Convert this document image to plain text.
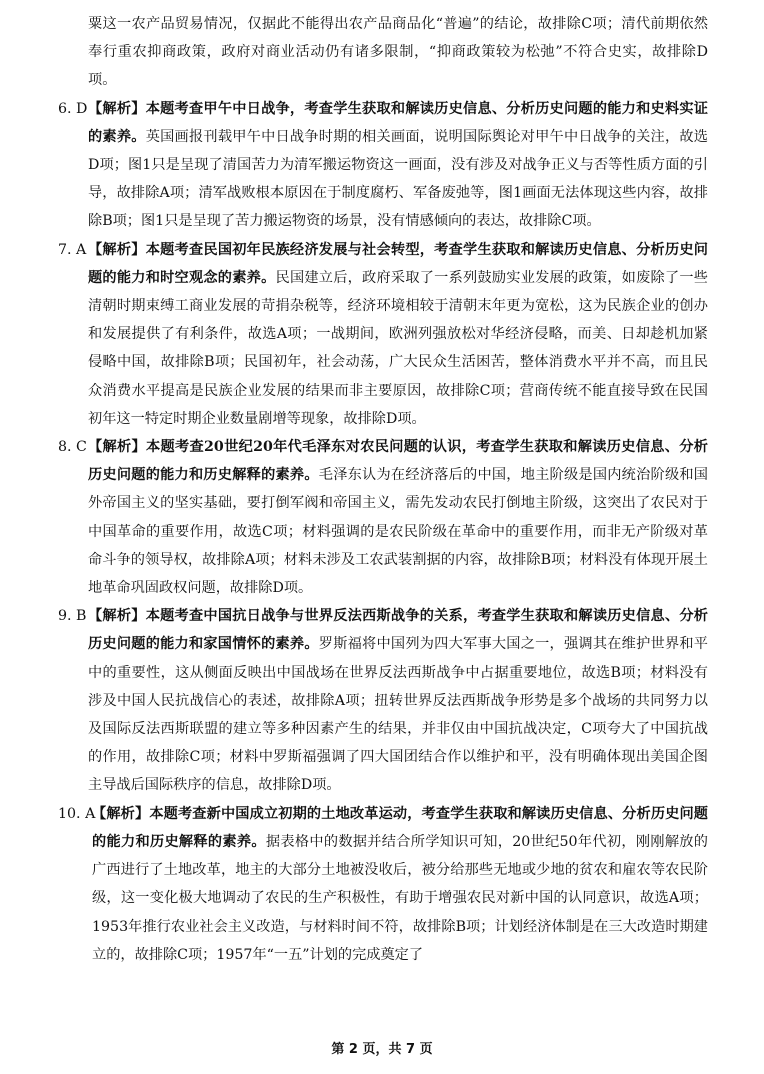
粟这一农产品贸易情况，仅据此不能得出农产品商品化“普遍”的结论，故排除C项；清代前期依然奉行重农抑商政策，政府对商业活动仍有诸多限制，“抑商政策较为松弛”不符合史实，故排除D项。

6. D 【解析】本题考查甲午中日战争，考查学生获取和解读历史信息、分析历史问题的能力和史料实证的素养。英国画报刊载甲午中日战争时期的相关画面，说明国际舆论对甲午中日战争的关注，故选D项；图1只是呈现了清国苦力为清军搬运物资这一画面，没有涉及对战争正义与否等性质方面的引导，故排除A项；清军战败根本原因在于制度腐朽、军备废弛等，图1画面无法体现这些内容，故排除B项；图1只是呈现了苦力搬运物资的场景，没有情感倾向的表达，故排除C项。

7. A 【解析】本题考查民国初年民族经济发展与社会转型，考查学生获取和解读历史信息、分析历史问题的能力和时空观念的素养。民国建立后，政府采取了一系列鼓励实业发展的政策，如废除了一些清朝时期束缚工商业发展的苛捐杂税等，经济环境相较于清朝末年更为宽松，这为民族企业的创办和发展提供了有利条件，故选A项；一战期间，欧洲列强放松对华经济侵略，而美、日却趁机加紧侵略中国，故排除B项；民国初年，社会动荡，广大民众生活困苦，整体消费水平并不高，而且民众消费水平提高是民族企业发展的结果而非主要原因，故排除C项；营商传统不能直接导致在民国初年这一特定时期企业数量剧增等现象，故排除D项。

8. C 【解析】本题考查20世纪20年代毛泽东对农民问题的认识，考查学生获取和解读历史信息、分析历史问题的能力和历史解释的素养。毛泽东认为在经济落后的中国，地主阶级是国内统治阶级和国外帝国主义的坚实基础，要打倒军阀和帝国主义，需先发动农民打倒地主阶级，这突出了农民对于中国革命的重要作用，故选C项；材料强调的是农民阶级在革命中的重要作用，而非无产阶级对革命斗争的领导权，故排除A项；材料未涉及工农武装割据的内容，故排除B项；材料没有体现开展土地革命巩固政权问题，故排除D项。

9. B 【解析】本题考查中国抗日战争与世界反法西斯战争的关系，考查学生获取和解读历史信息、分析历史问题的能力和家国情怀的素养。罗斯福将中国列为四大军事大国之一，强调其在维护世界和平中的重要性，这从侧面反映出中国战场在世界反法西斯战争中占据重要地位，故选B项；材料没有涉及中国人民抗战信心的表述，故排除A项；扭转世界反法西斯战争形势是多个战场的共同努力以及国际反法西斯联盟的建立等多种因素产生的结果，并非仅由中国抗战决定，C项夸大了中国抗战的作用，故排除C项；材料中罗斯福强调了四大国团结合作以维护和平，没有明确体现出美国企图主导战后国际秩序的信息，故排除D项。

10. A

【解析】本题考查新中国成立初期的土地改革运动，考查学生获取和解读历史信息、分析历史问题的能力和历史解释的素养。据表格中的数据并结合所学知识可知，20世纪50年代初，刚刚解放的广西进行了土地改革，地主的大部分土地被没收后，被分给那些无地或少地的贫农和雇农等农民阶级，这一变化极大地调动了农民的生产积极性，有助于增强农民对新中国的认同意识，故选A项；1953年推行农业社会主义改造，与材料时间不符，故排除B项；计划经济体制是在三大改造时期建立的，故排除C项；1957年“一五”计划的完成奠定了

第 2 页，共 7 页
